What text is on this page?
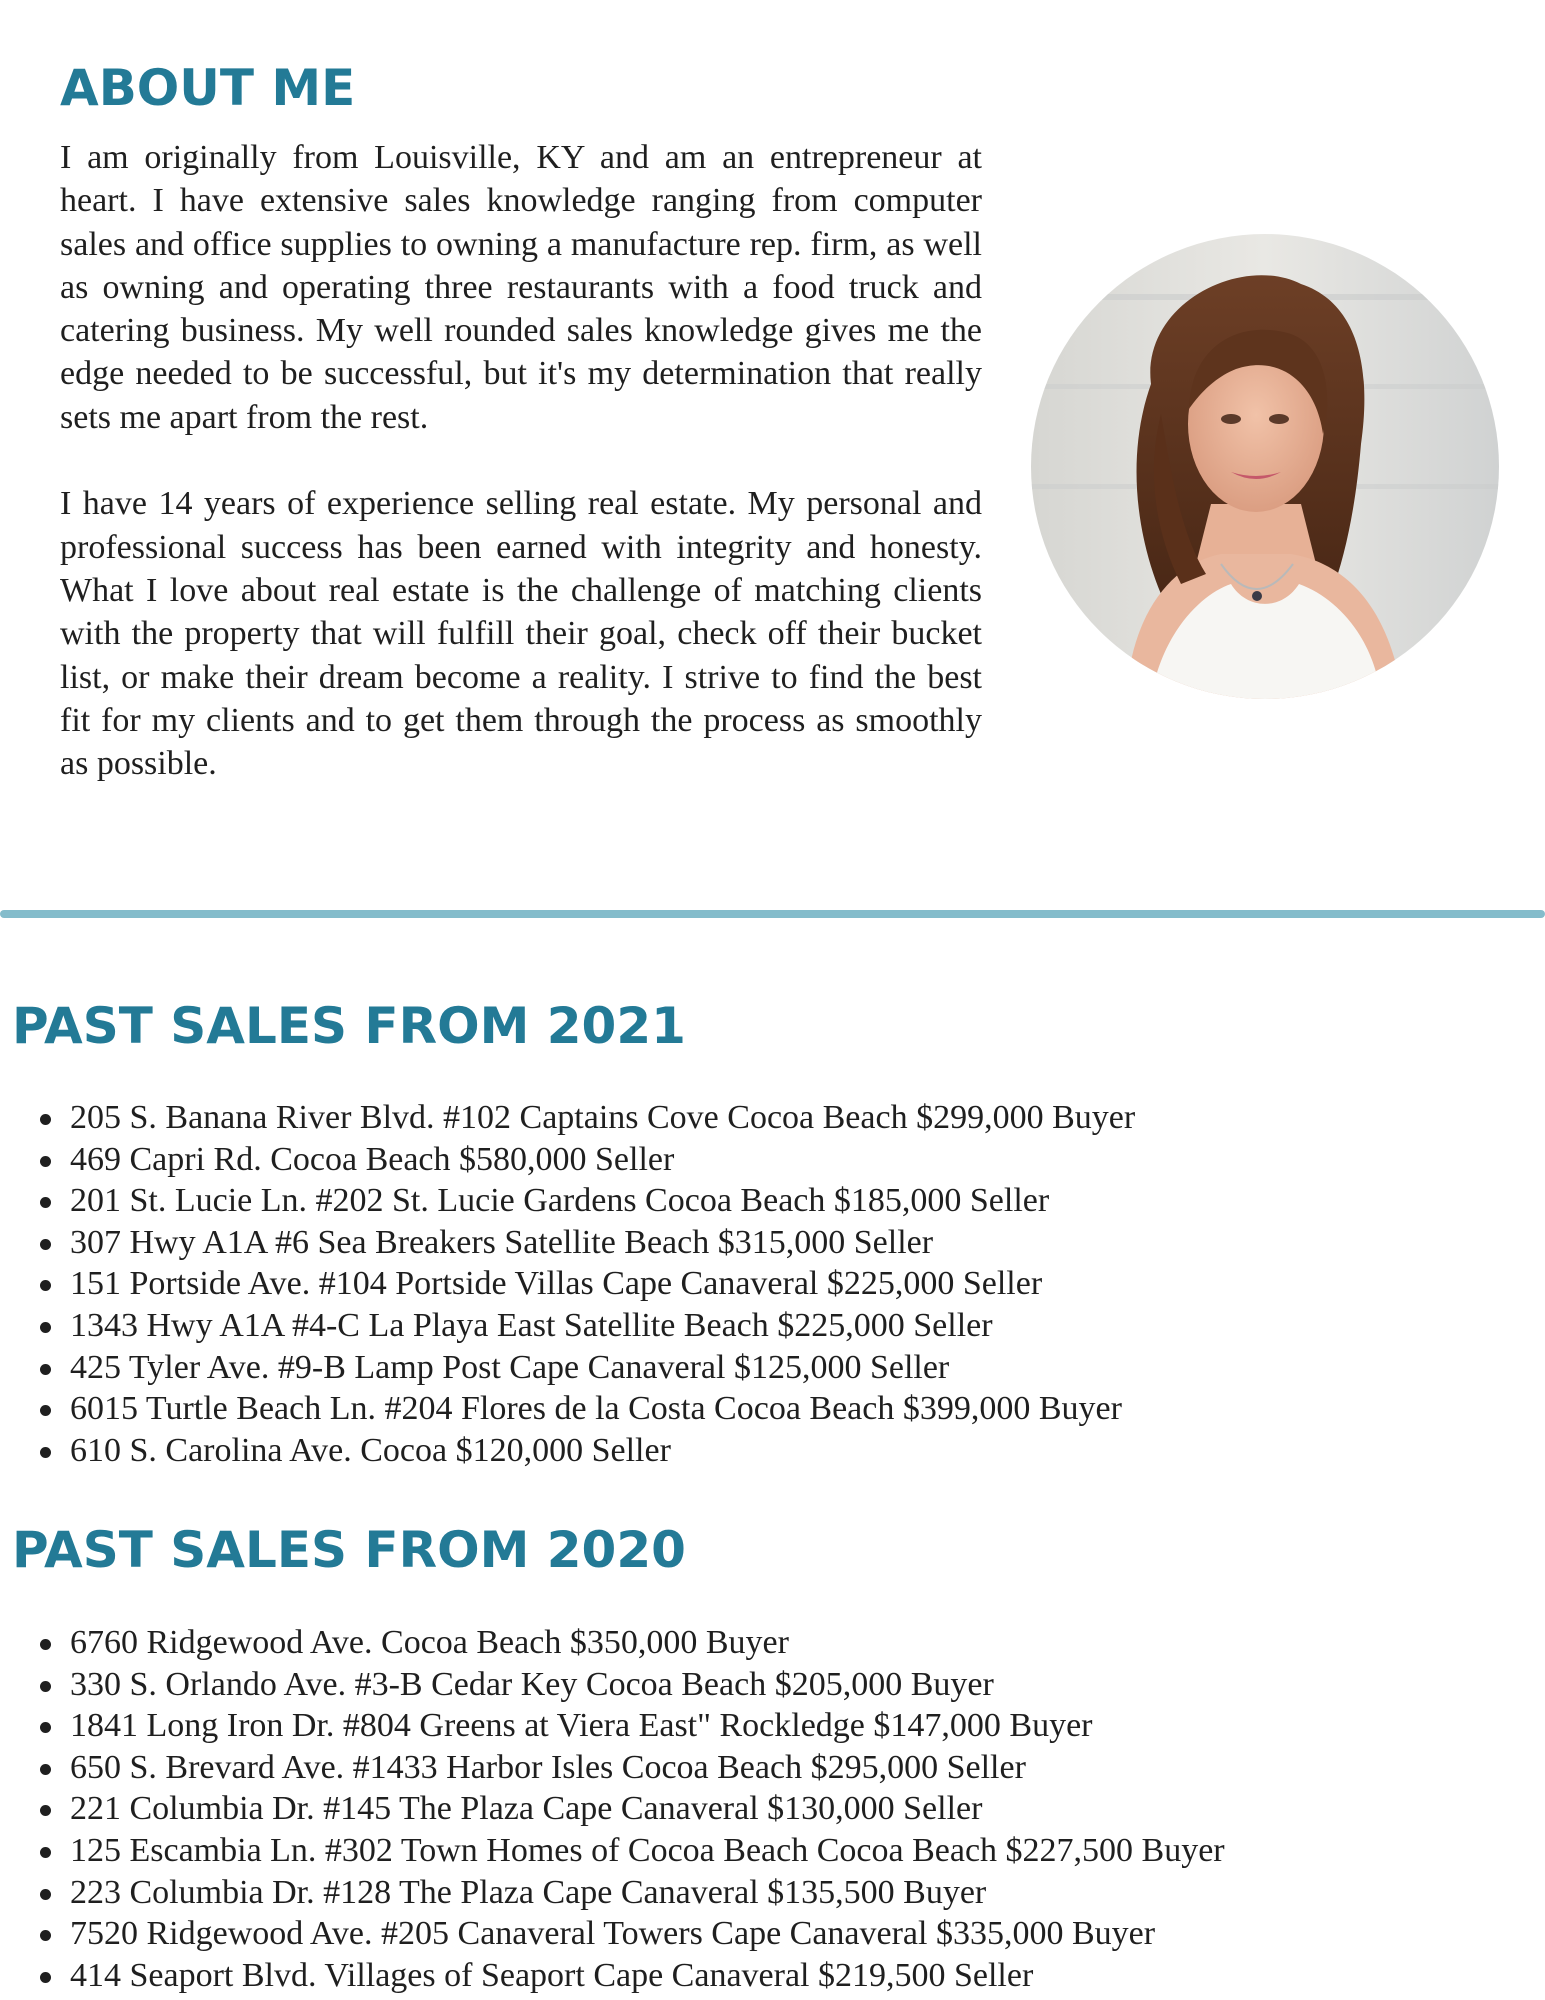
ABOUT ME

I am originally from Louisville, KY and am an entrepreneur at heart. I have extensive sales knowledge ranging from computer sales and office supplies to owning a manufacture rep. firm, as well as owning and operating three restaurants with a food truck and catering business. My well rounded sales knowledge gives me the edge needed to be successful, but it's my determination that really sets me apart from the rest.

I have 14 years of experience selling real estate. My personal and professional success has been earned with integrity and honesty. What I love about real estate is the challenge of matching clients with the property that will fulfill their goal, check off their bucket list, or make their dream become a reality. I strive to find the best fit for my clients and to get them through the process as smoothly as possible.

PAST SALES FROM 2021
205 S. Banana River Blvd. #102 Captains Cove Cocoa Beach $299,000 Buyer
469 Capri Rd. Cocoa Beach $580,000 Seller
201 St. Lucie Ln. #202 St. Lucie Gardens Cocoa Beach $185,000 Seller
307 Hwy A1A #6 Sea Breakers Satellite Beach $315,000 Seller
151 Portside Ave. #104 Portside Villas Cape Canaveral $225,000 Seller
1343 Hwy A1A #4-C La Playa East Satellite Beach $225,000 Seller
425 Tyler Ave. #9-B Lamp Post Cape Canaveral $125,000 Seller
6015 Turtle Beach Ln. #204 Flores de la Costa Cocoa Beach $399,000 Buyer
610 S. Carolina Ave. Cocoa $120,000 Seller
PAST SALES FROM 2020
6760 Ridgewood Ave. Cocoa Beach $350,000 Buyer
330 S. Orlando Ave. #3-B Cedar Key Cocoa Beach $205,000 Buyer
1841 Long Iron Dr. #804 Greens at Viera East" Rockledge $147,000 Buyer
650 S. Brevard Ave. #1433 Harbor Isles Cocoa Beach $295,000 Seller
221 Columbia Dr. #145 The Plaza Cape Canaveral $130,000 Seller
125 Escambia Ln. #302 Town Homes of Cocoa Beach Cocoa Beach $227,500 Buyer
223 Columbia Dr. #128 The Plaza Cape Canaveral $135,500 Buyer
7520 Ridgewood Ave. #205 Canaveral Towers Cape Canaveral $335,000 Buyer
414 Seaport Blvd. Villages of Seaport Cape Canaveral $219,500 Seller
